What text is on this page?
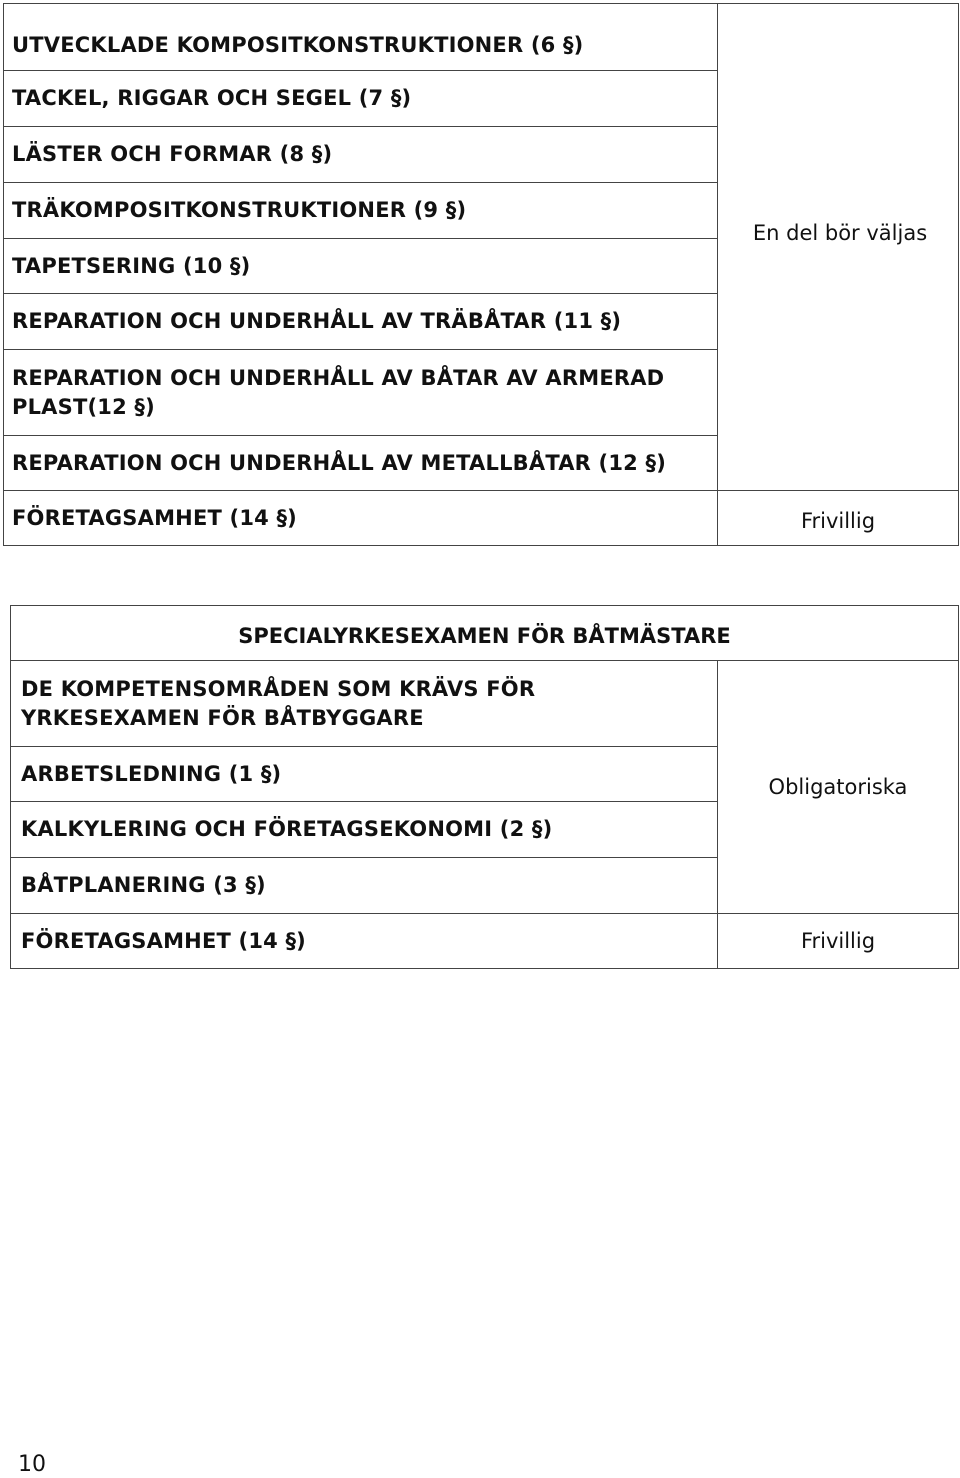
UTVECKLADE KOMPOSITKONSTRUKTIONER (6 §)	En del bör väljas
TACKEL, RIGGAR OCH SEGEL (7 §)	
LÄSTER OCH FORMAR (8 §)	
TRÄKOMPOSITKONSTRUKTIONER (9 §)	
TAPETSERING (10 §)	
REPARATION OCH UNDERHÅLL AV TRÄBÅTAR (11 §)	
REPARATION OCH UNDERHÅLL AV BÅTAR AV ARMERAD PLAST(12 §)	
REPARATION OCH UNDERHÅLL AV METALLBÅTAR (12 §)	
FÖRETAGSAMHET (14 §)	Frivillig
SPECIALYRKESEXAMEN FÖR BÅTMÄSTARE	
DE KOMPETENSOMRÅDEN SOM KRÄVS FÖR YRKESEXAMEN FÖR BÅTBYGGARE	Obligatoriska
ARBETSLEDNING (1 §)	
KALKYLERING OCH FÖRETAGSEKONOMI (2 §)	
BÅTPLANERING (3 §)	
FÖRETAGSAMHET (14 §)	Frivillig
10
